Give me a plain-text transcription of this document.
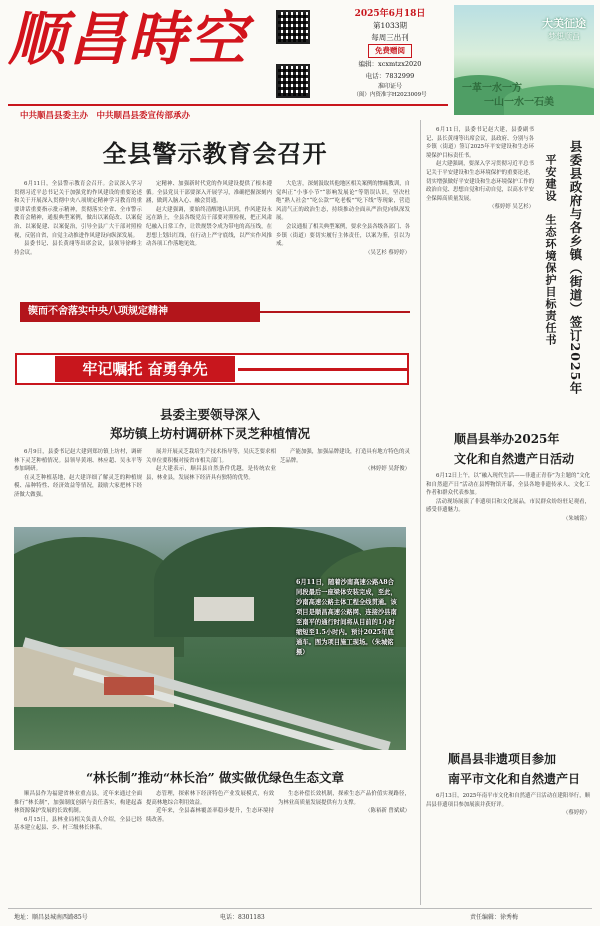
顺昌時空	2025年6月18日
第1033期
每周三出刊
免费赠阅
编辑：xcxmtzx2020
电话：7832999
准印证号
（闽）内资准字H2023009号
大美征途
梦想顺昌
一革一水一方
一山一水一石美
中共顺昌县委主办　中共顺昌县委宣传部承办
全县警示教育会召开

6月11日，全县警示教育会召开。会议深入学习贯彻习近平总书记关于加强党的作风建设的重要论述和关于开展深入贯彻中央八项规定精神学习教育的重要讲话重要指示批示精神，贯彻落实全省、全市警示教育会精神，通报典型案例，做出以案促改、以案促治、以案促建、以案促治，引导全县广大干部对照检视，反躬自省，自觉主动推进作风建设向纵深发展。

县委书记、县长黄翊等出席会议，县领导徐峰主持会议。

定精神、加强新时代党的作风建设提供了根本遵循。全县党员干部要深入开展学习，准确把握深刻内涵，做到入脑入心、融会贯通。

赵大建强调，要始终清醒地认识到，作风建设永远在路上，全县各级党员干部要对照检视，把正风肃纪融入日常工作，让铁规禁令成为带电的高压线，在思想上划出红线，在行动上严守底线，以严实作风推动各项工作落地见效。

大危害，深刻汲取其他地区相关案例的惨痛教训，自觉纠正“小事小节”“影响发展论”等错误认识，坚决杜绝“熟人社会”“吃公款”“吃老板”“吃下线”等现象，营造风清气正的政治生态，持续推动全面从严治党向纵深发展。

会议通报了相关典型案例，要求全县各级各部门、各乡镇（街道）要切实履行主体责任，以案为鉴，引以为戒。

（吴艺杉 蔡婷婷）

锲而不舍落实中央八项规定精神
牢记嘱托 奋勇争先
县委主要领导深入
郑坊镇上坊村调研林下灵芝种植情况

6月9日，县委书记赵大建到郑坊镇上坊村，调研林下灵芝种植情况。县领导黄翊、林应超、吴永平等参加调研。

在灵芝种植基地，赵大建详细了解灵芝的种植规模、品种特性、经济效益等情况，鼓励大家把林下经济做大做强。

展并开展灵芝栽培生产技术指导等，吴庆芝要求相关单位要积极对接省市相关部门。

赵大建表示，顺昌县自然条件优越，是传统农业县，林业县，发展林下经济具有独特的优势。

产能加强，加强品牌建设，打造具有地方特色的灵芝品牌。

（林婷婷 吴舒俊）

6月11日，随着沙南高速公路A8合同段最后一座梁体安装完成，至此，沙南高速公路主体工程全线贯通。该项目是顺昌高速公路网、连接沙县南至南平的通行时间将从目前的1小时缩短至1.5小时内。预计2025年底通车。图为项目施工现场。（朱城铭 摄）
“林长制”推动“林长治” 做实做优绿色生态文章

顺昌县作为福建省林业重点县，近年来通过全面推行“林长制”，加强制度创新与责任落实，构建起森林资源保护发展的长效机制。

6月15日，县林业局相关负责人介绍，全县已经基本建立起县、乡、村三级林长体系。

态管理，探索林下经济特色产业发展模式，有效提高林地综合利用效益。

近年来，全县森林覆盖率稳步提升，生态环境持续改善。

生态补偿长效机制，探索生态产品价值实现路径，为林业高质量发展提供有力支撑。

（陈裕新 曾斌斌）

县委县政府与各乡镇（街道）签订2025年
平安建设　生态环境保护目标责任书

6月11日，县委书记赵大建，县委副书记、县长黄翊等出席会议，县政府、分别与各乡镇（街道）签订2025年平安建设和生态环境保护目标责任书。

赵大建强调，要深入学习贯彻习近平总书记关于平安建设和生态环境保护的重要论述，切实增强做好平安建设和生态环境保护工作的政治自觉、思想自觉和行动自觉，以高水平安全保障高质量发展。

（蔡婷婷 吴艺杉）

顺昌县举办2025年
文化和自然遗产日活动

6月12日上午，以“融入现代生活——非遗正青春”为主题的“文化和自然遗产日”活动在县博物馆开幕，全县各地非遗传承人、文化工作者和群众代表参加。

活动现场展演了非遗项目和文化展品，市民群众纷纷驻足观看，感受非遗魅力。

（朱城铭）

顺昌县非遗项目参加
南平市文化和自然遗产日

6月13日，2025年南平市文化和自然遗产日活动在建阳举行，顺昌县非遗项目参加展演并获好评。

（蔡婷婷）

地址：顺昌县城南西路85号	电话：8301183	责任编辑：徐秀梅
